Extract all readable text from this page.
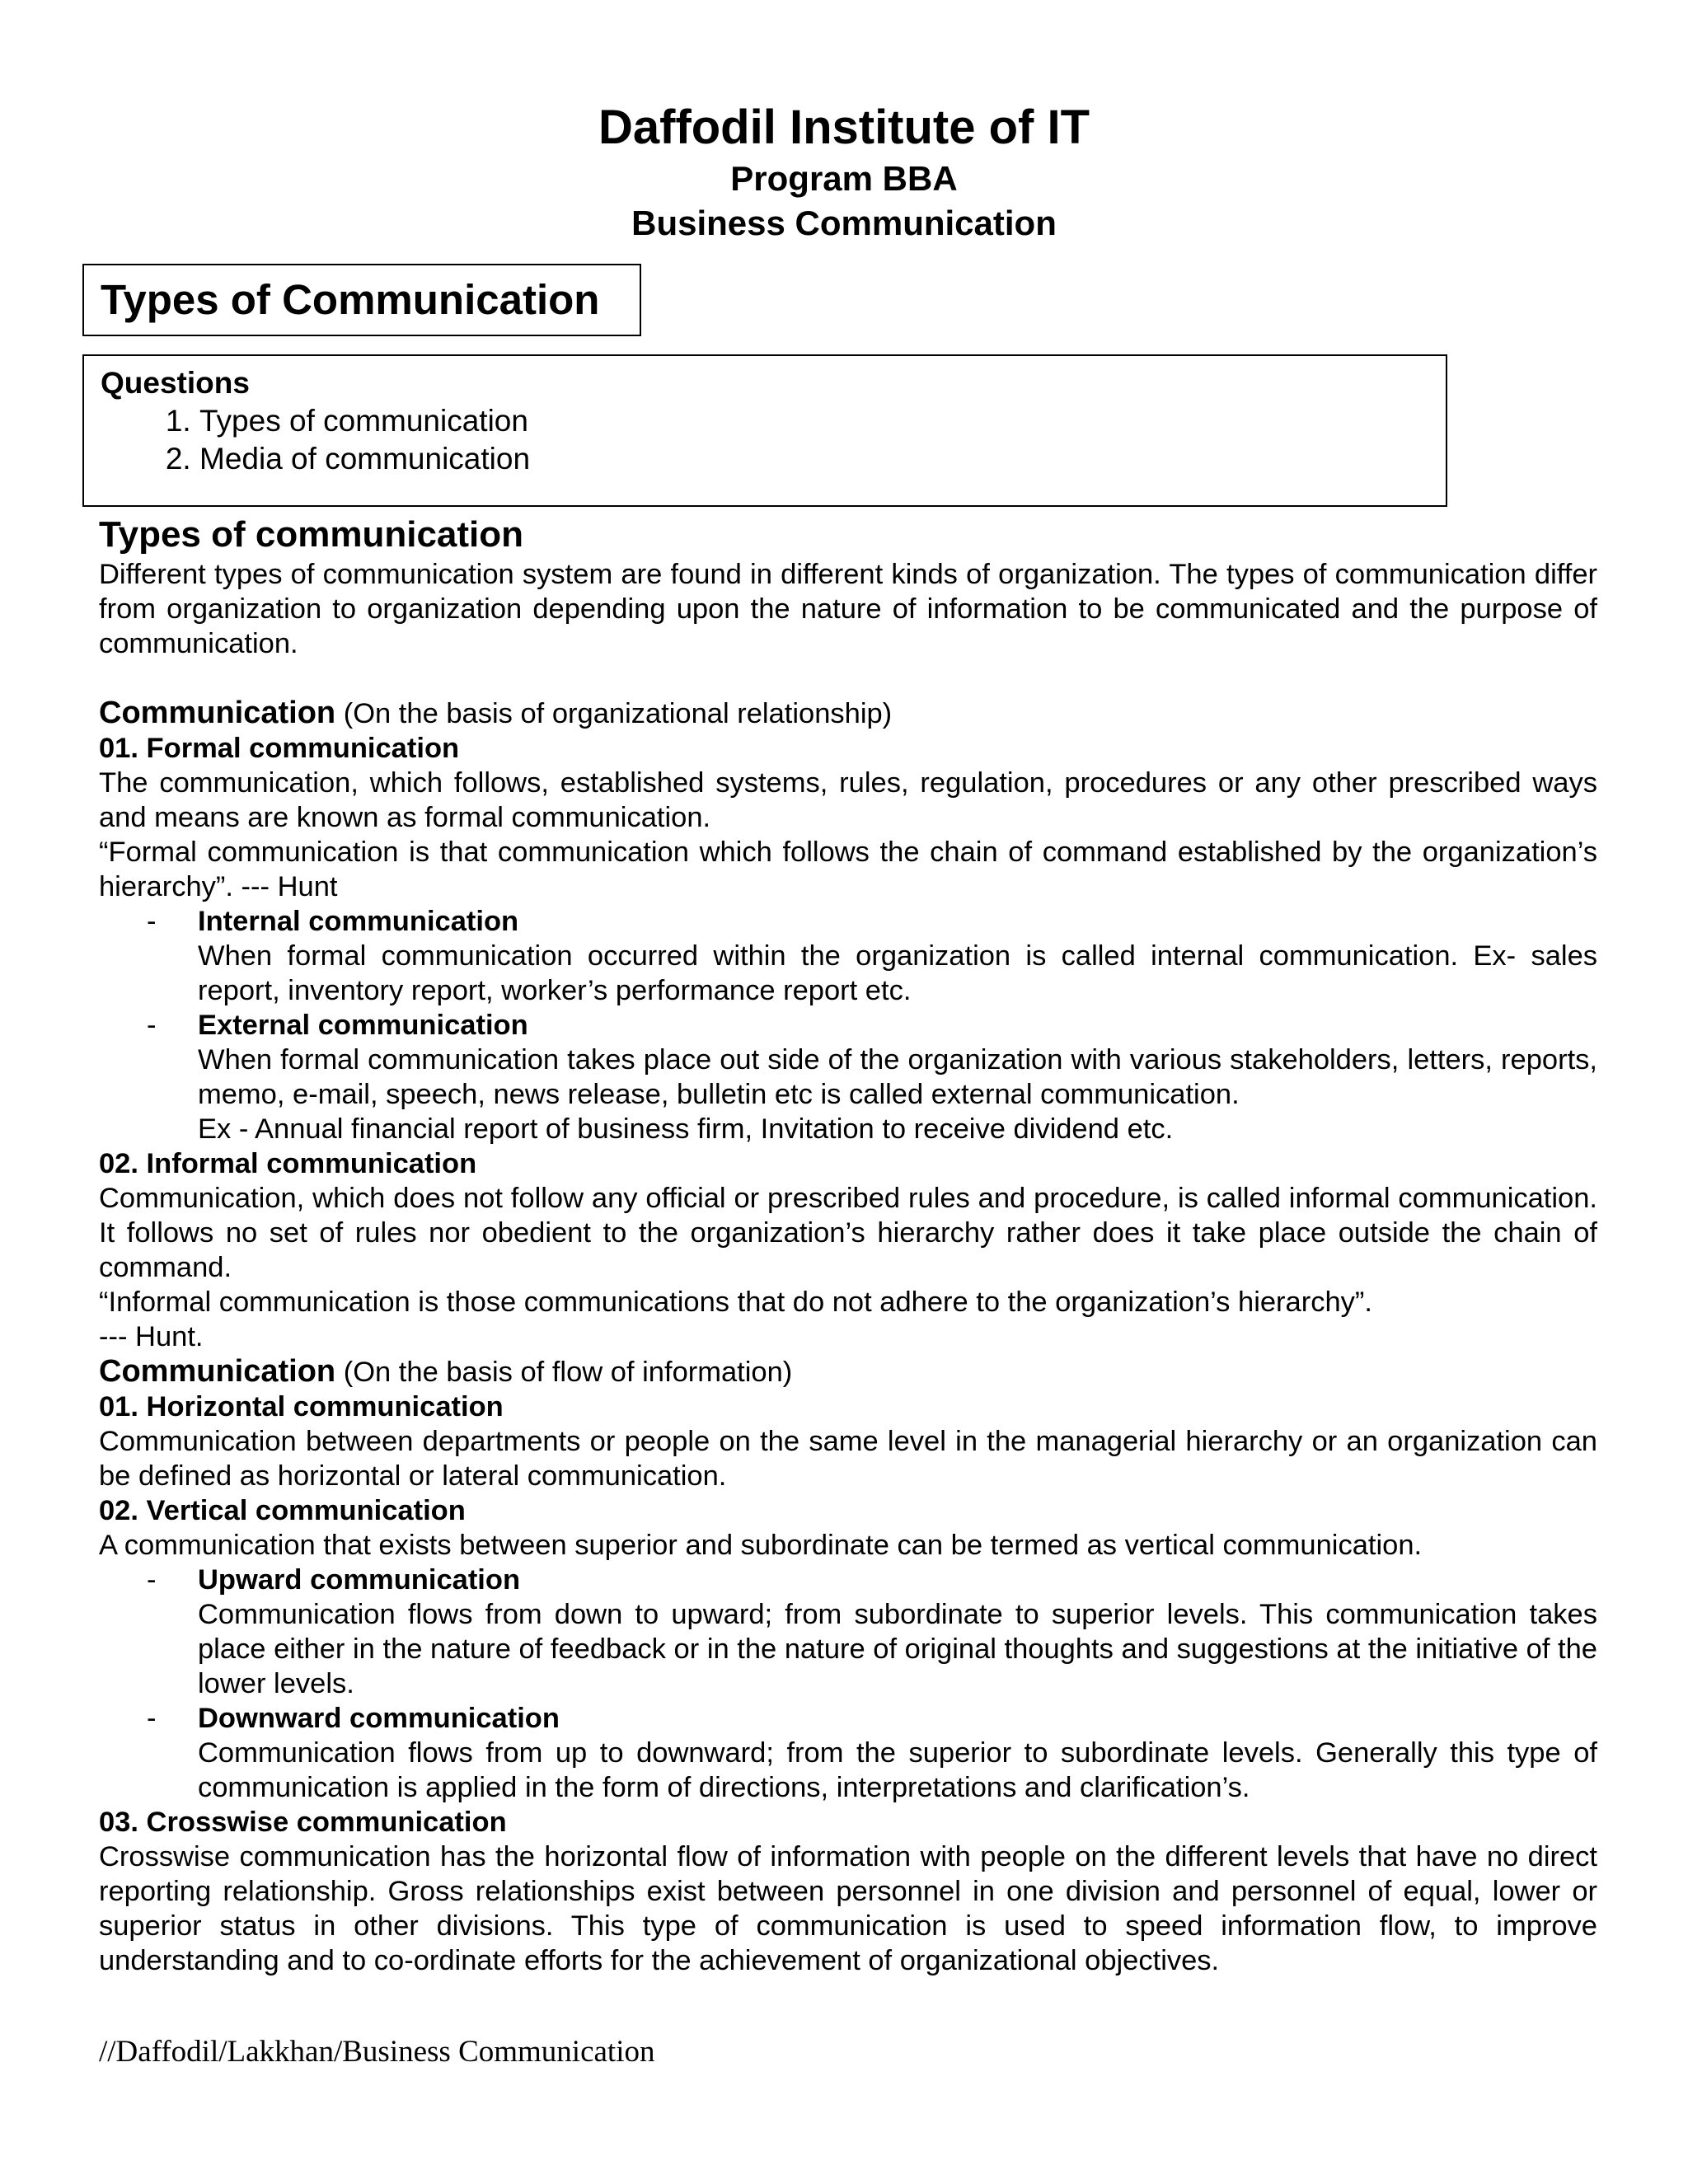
Daffodil Institute of IT
Program BBA
Business Communication
Types of Communication
Questions
1. Types of communication
2. Media of communication

Types of communication

Different types of communication system are found in different kinds of organization. The types of communication differ from organization to organization depending upon the nature of information to be communicated and the purpose of communication.

Communication (On the basis of organizational relationship)

01. Formal communication

The communication, which follows, established systems, rules, regulation, procedures or any other prescribed ways and means are known as formal communication.

“Formal communication is that communication which follows the chain of command established by the organization’s hierarchy”. --- Hunt

- Internal communication

When formal communication occurred within the organization is called internal communication. Ex- sales report, inventory report, worker’s performance report etc.

- External communication

When formal communication takes place out side of the organization with various stakeholders, letters, reports, memo, e-mail, speech, news release, bulletin etc is called external communication.

Ex - Annual financial report of business firm, Invitation to receive dividend etc.

02. Informal communication

Communication, which does not follow any official or prescribed rules and procedure, is called informal communication. It follows no set of rules nor obedient to the organization’s hierarchy rather does it take place outside the chain of command.

“Informal communication is those communications that do not adhere to the organization’s hierarchy”.

--- Hunt.

Communication (On the basis of flow of information)

01. Horizontal communication

Communication between departments or people on the same level in the managerial hierarchy or an organization can be defined as horizontal or lateral communication.

02. Vertical communication

A communication that exists between superior and subordinate can be termed as vertical communication.

- Upward communication

Communication flows from down to upward; from subordinate to superior levels. This communication takes place either in the nature of feedback or in the nature of original thoughts and suggestions at the initiative of the lower levels.

- Downward communication

Communication flows from up to downward; from the superior to subordinate levels. Generally this type of communication is applied in the form of directions, interpretations and clarification’s.

03. Crosswise communication

Crosswise communication has the horizontal flow of information with people on the different levels that have no direct reporting relationship. Gross relationships exist between personnel in one division and personnel of equal, lower or superior status in other divisions. This type of communication is used to speed information flow, to improve understanding and to co-ordinate efforts for the achievement of organizational objectives.

//Daffodil/Lakkhan/Business Communication
